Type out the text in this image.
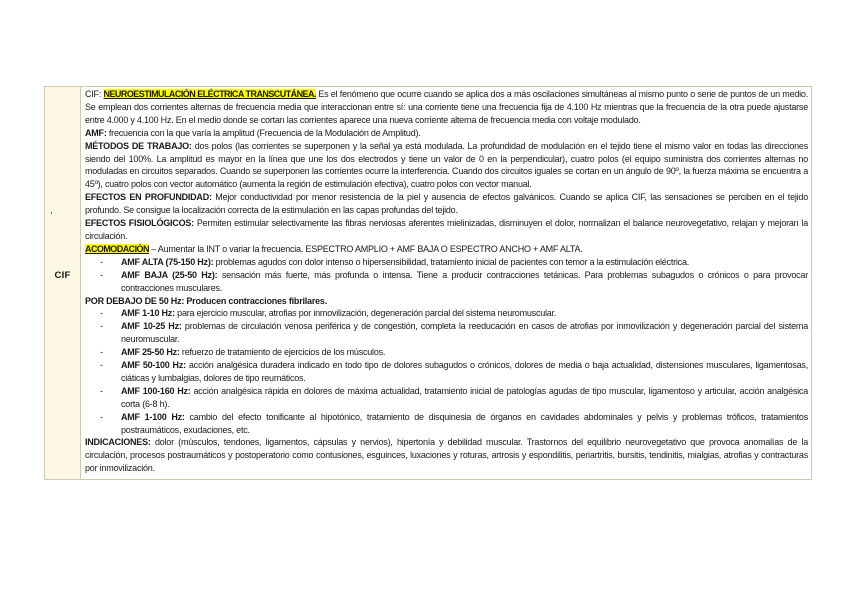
,
CIF

CIF: NEUROESTIMULACIÓN ELÉCTRICA TRANSCUTÁNEA. Es el fenómeno que ocurre cuando se aplica dos a más oscilaciones simultáneas al mismo punto o serie de puntos de un medio. Se emplean dos corrientes alternas de frecuencia media que interaccionan entre sí: una corriente tiene una frecuencia fija de 4.100 Hz mientras que la frecuencia de la otra puede ajustarse entre 4.000 y 4.100 Hz. En el medio donde se cortan las corrientes aparece una nueva corriente alterna de frecuencia media con voltaje modulado.

AMF: frecuencia con la que varía la amplitud (Frecuencia de la Modulación de Amplitud).

MÉTODOS DE TRABAJO: dos polos (las corrientes se superponen y la señal ya está modulada. La profundidad de modulación en el tejido tiene el mismo valor en todas las direcciones siendo del 100%. La amplitud es mayor en la línea que une los dos electrodos y tiene un valor de 0 en la perpendicular), cuatro polos (el equipo suministra dos corrientes alternas no moduladas en circuitos separados. Cuando se superponen las corrientes ocurre la interferencia. Cuando dos circuitos iguales se cortan en un ángulo de 90º, la fuerza máxima se encuentra a 45º), cuatro polos con vector automático (aumenta la región de estimulación efectiva), cuatro polos con vector manual.

EFECTOS EN PROFUNDIDAD: Mejor conductividad por menor resistencia de la piel y ausencia de efectos galvánicos. Cuando se aplica CIF, las sensaciones se perciben en el tejido profundo. Se consigue la localización correcta de la estimulación en las capas profundas del tejido.

EFECTOS FISIOLÓGICOS: Permiten estimular selectivamente las fibras nerviosas aferentes mielinizadas, disminuyen el dolor, normalizan el balance neurovegetativo, relajan y mejoran la circulación.

ACOMODACIÓN – Aumentar la INT o variar la frecuencia. ESPECTRO AMPLIO + AMF BAJA O ESPECTRO ANCHO + AMF ALTA.

- AMF ALTA (75-150 Hz): problemas agudos con dolor intenso o hipersensibilidad, tratamiento inicial de pacientes con temor a la estimulación eléctrica.
- AMF BAJA (25-50 Hz): sensación más fuerte, más profunda o intensa. Tiene a producir contracciones tetánicas. Para problemas subagudos o crónicos o para provocar contracciones musculares.

POR DEBAJO DE 50 Hz: Producen contracciones fibrilares.

- AMF 1-10 Hz: para ejercicio muscular, atrofias por inmovilización, degeneración parcial del sistema neuromuscular.
- AMF 10-25 Hz: problemas de circulación venosa periférica y de congestión, completa la reeducación en casos de atrofias por inmovilización y degeneración parcial del sistema neuromuscular.
- AMF 25-50 Hz: refuerzo de tratamiento de ejercicios de los músculos.
- AMF 50-100 Hz: acción analgésica duradera indicado en todo tipo de dolores subagudos o crónicos, dolores de media o baja actualidad, distensiones musculares, ligamentosas, ciáticas y lumbalgias, dolores de tipo reumáticos.
- AMF 100-160 Hz: acción analgésica rápida en dolores de máxima actualidad, tratamiento inicial de patologías agudas de tipo muscular, ligamentoso y articular, acción analgésica corta (6-8 h).
- AMF 1-100 Hz: cambio del efecto tonificante al hipotónico, tratamiento de disquinesia de órganos en cavidades abdominales y pelvis y problemas tróficos, tratamientos postraumáticos, exudaciones, etc.

INDICACIONES: dolor (músculos, tendones, ligamentos, cápsulas y nervios), hipertonía y debilidad muscular. Trastornos del equilibrio neurovegetativo que provoca anomalías de la circulación, procesos postraumáticos y postoperatorio como contusiones, esguinces, luxaciones y roturas, artrosis y espondilitis, periartritis, bursitis, tendinitis, mialgias, atrofias y contracturas por inmovilización.
